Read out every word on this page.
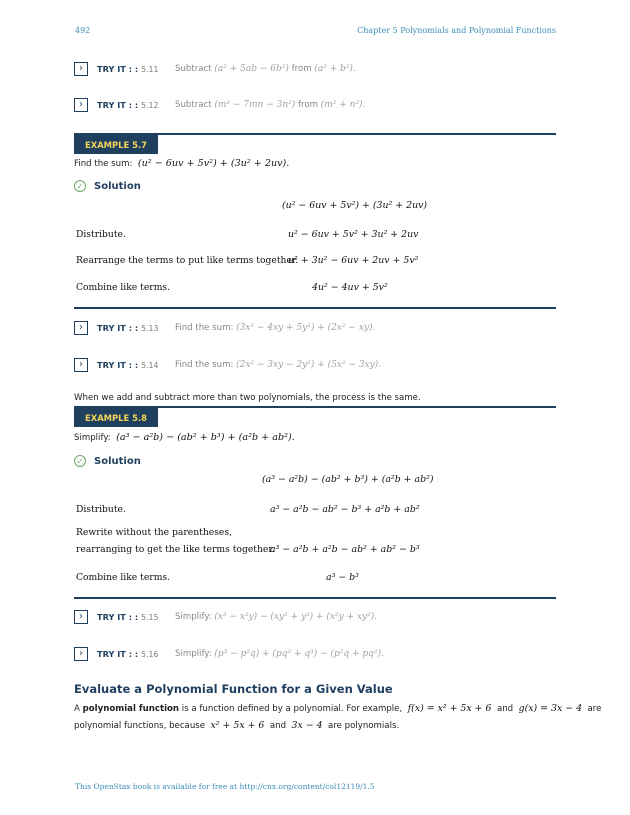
492	Chapter 5 Polynomials and Polynomial Functions
›	TRY IT : : 5.11 Subtract
(a² + 5ab − 6b²)
from
(a² + b²).
›	TRY IT : : 5.12 Subtract
(m² − 7mn − 3n²)
from
(m² + n²).
EXAMPLE 5.7
Find the sum: (u² − 6uv + 5v²) + (3u² + 2uv).
✓ Solution
(u² − 6uv + 5v²) + (3u² + 2uv)
Distribute.	u² − 6uv + 5v² + 3u² + 2uv
Rearrange the terms to put like terms together.
u² + 3u² − 6uv + 2uv + 5v²
Combine like terms.	4u² − 4uv + 5v²
›	TRY IT : : 5.13 Find the sum:
(3x² − 4xy + 5y²) + (2x² − xy).
›	TRY IT : : 5.14 Find the sum:
(2x² − 3xy − 2y²) + (5x² − 3xy).
When we add and subtract more than two polynomials, the process is the same.
EXAMPLE 5.8
Simplify: (a³ − a²b) − (ab² + b³) + (a²b + ab²).
✓ Solution
(a³ − a²b) − (ab² + b³) + (a²b + ab²)
Distribute.	a³ − a²b − ab² − b³ + a²b + ab²
Rewrite without the parentheses,
rearranging to get the like terms together.
a³ − a²b + a²b − ab² + ab² − b³
Combine like terms.	a³ − b³
›	TRY IT : : 5.15 Simplify:
(x³ − x²y) − (xy² + y³) + (x²y + xy²).
›	TRY IT : : 5.16 Simplify:
(p³ − p²q) + (pq² + q³) − (p²q + pq²).
Evaluate a Polynomial Function for a Given Value
A polynomial function is a function defined by a polynomial. For example, f(x) = x² + 5x + 6 and g(x) = 3x − 4 are
polynomial functions, because x² + 5x + 6 and 3x − 4 are polynomials.
This OpenStax book is available for free at http://cnx.org/content/col12119/1.5
